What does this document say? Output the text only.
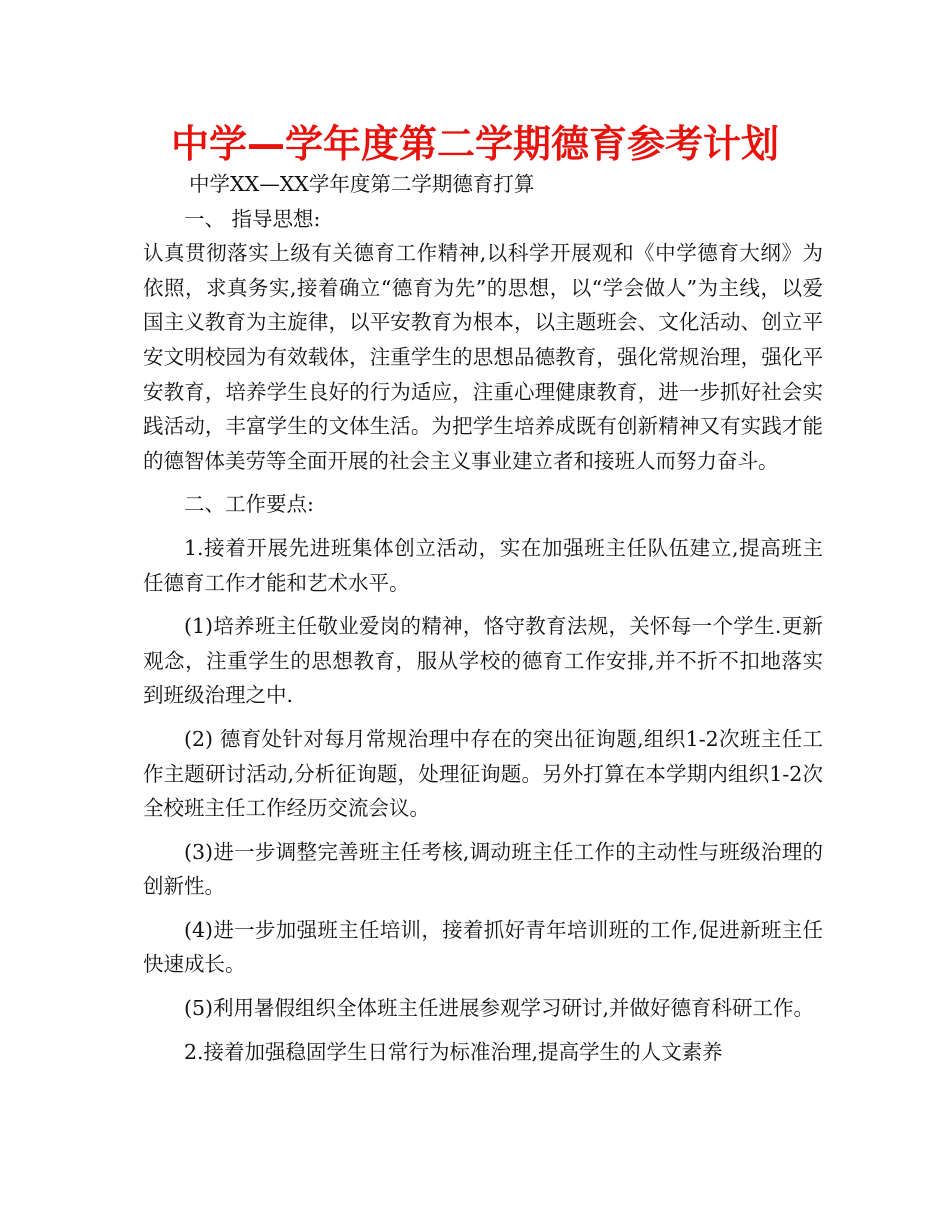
中学—学年度第二学期德育参考计划

中学XX—XX学年度第二学期德育打算

一、 指导思想:

认真贯彻落实上级有关德育工作精神,以科学开展观和《中学德育大纲》为依照，求真务实,接着确立“德育为先”的思想，以“学会做人”为主线，以爱国主义教育为主旋律，以平安教育为根本，以主题班会、文化活动、创立平安文明校园为有效载体，注重学生的思想品德教育，强化常规治理，强化平安教育，培养学生良好的行为适应，注重心理健康教育，进一步抓好社会实践活动，丰富学生的文体生活。为把学生培养成既有创新精神又有实践才能的德智体美劳等全面开展的社会主义事业建立者和接班人而努力奋斗。

二、工作要点:

1.接着开展先进班集体创立活动，实在加强班主任队伍建立,提高班主任德育工作才能和艺术水平。

(1)培养班主任敬业爱岗的精神，恪守教育法规，关怀每一个学生.更新观念，注重学生的思想教育，服从学校的德育工作安排,并不折不扣地落实到班级治理之中.

(2) 德育处针对每月常规治理中存在的突出征询题,组织1-2次班主任工作主题研讨活动,分析征询题，处理征询题。另外打算在本学期内组织1-2次全校班主任工作经历交流会议。

(3)进一步调整完善班主任考核,调动班主任工作的主动性与班级治理的创新性。

(4)进一步加强班主任培训，接着抓好青年培训班的工作,促进新班主任快速成长。

(5)利用暑假组织全体班主任进展参观学习研讨,并做好德育科研工作。

2.接着加强稳固学生日常行为标准治理,提高学生的人文素养
